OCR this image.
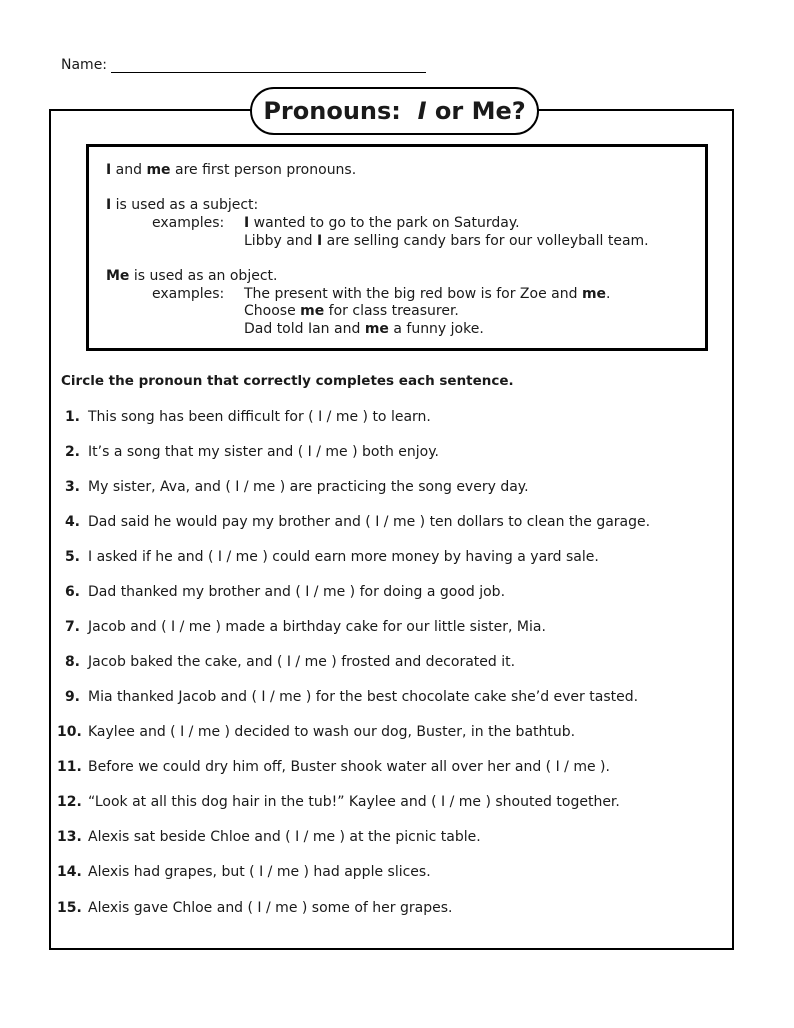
Name:
Pronouns: I or Me?
I and me are first person pronouns.
I is used as a subject:
examples: I wanted to go to the park on Saturday.
Libby and I are selling candy bars for our volleyball team.
Me is used as an object.
examples: The present with the big red bow is for Zoe and me.
Choose me for class treasurer.
Dad told Ian and me a funny joke.
Circle the pronoun that correctly completes each sentence.
1. This song has been difficult for ( I / me ) to learn.
2. It’s a song that my sister and ( I / me ) both enjoy.
3. My sister, Ava, and ( I / me ) are practicing the song every day.
4. Dad said he would pay my brother and ( I / me ) ten dollars to clean the garage.
5. I asked if he and ( I / me ) could earn more money by having a yard sale.
6. Dad thanked my brother and ( I / me ) for doing a good job.
7. Jacob and ( I / me ) made a birthday cake for our little sister, Mia.
8. Jacob baked the cake, and ( I / me ) frosted and decorated it.
9. Mia thanked Jacob and ( I / me ) for the best chocolate cake she’d ever tasted.
10. Kaylee and ( I / me ) decided to wash our dog, Buster, in the bathtub.
11. Before we could dry him off, Buster shook water all over her and ( I / me ).
12. “Look at all this dog hair in the tub!” Kaylee and ( I / me ) shouted together.
13. Alexis sat beside Chloe and ( I / me ) at the picnic table.
14. Alexis had grapes, but ( I / me ) had apple slices.
15. Alexis gave Chloe and ( I / me ) some of her grapes.
